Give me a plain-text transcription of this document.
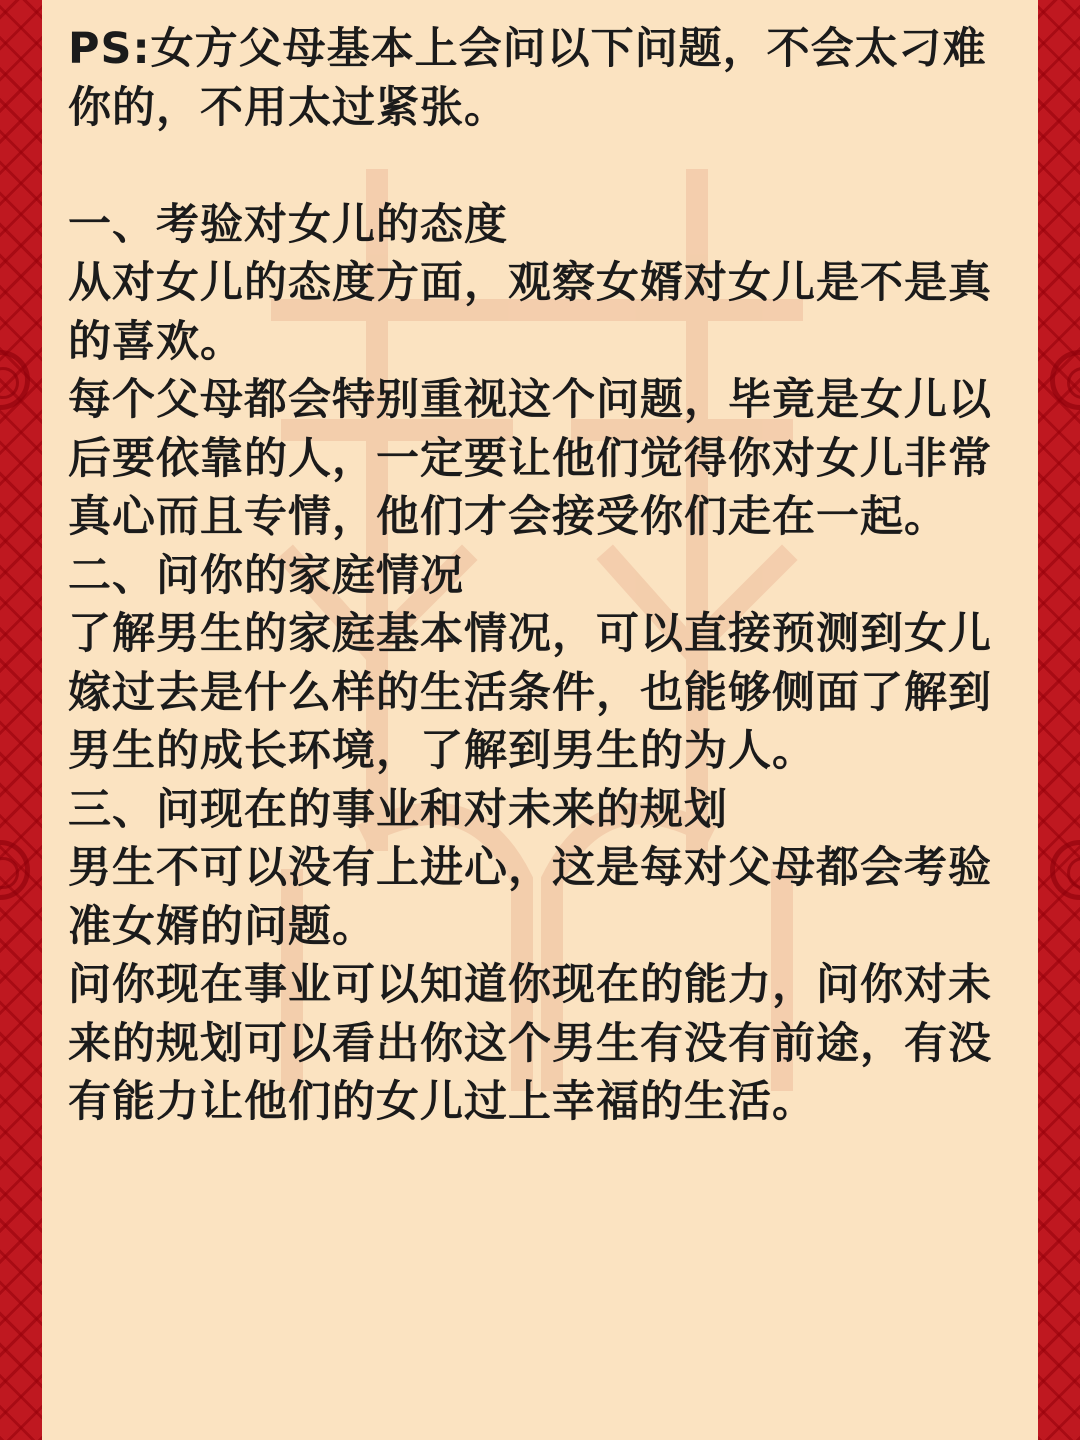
PS:女方父母基本上会问以下问题，不会太刁难你的，不用太过紧张。

一、考验对女儿的态度

从对女儿的态度方面，观察女婿对女儿是不是真的喜欢。

每个父母都会特别重视这个问题，毕竟是女儿以后要依靠的人，一定要让他们觉得你对女儿非常真心而且专情，他们才会接受你们走在一起。

二、问你的家庭情况

了解男生的家庭基本情况，可以直接预测到女儿嫁过去是什么样的生活条件，也能够侧面了解到男生的成长环境，了解到男生的为人。

三、问现在的事业和对未来的规划

男生不可以没有上进心，这是每对父母都会考验准女婿的问题。

问你现在事业可以知道你现在的能力，问你对未来的规划可以看出你这个男生有没有前途，有没有能力让他们的女儿过上幸福的生活。
